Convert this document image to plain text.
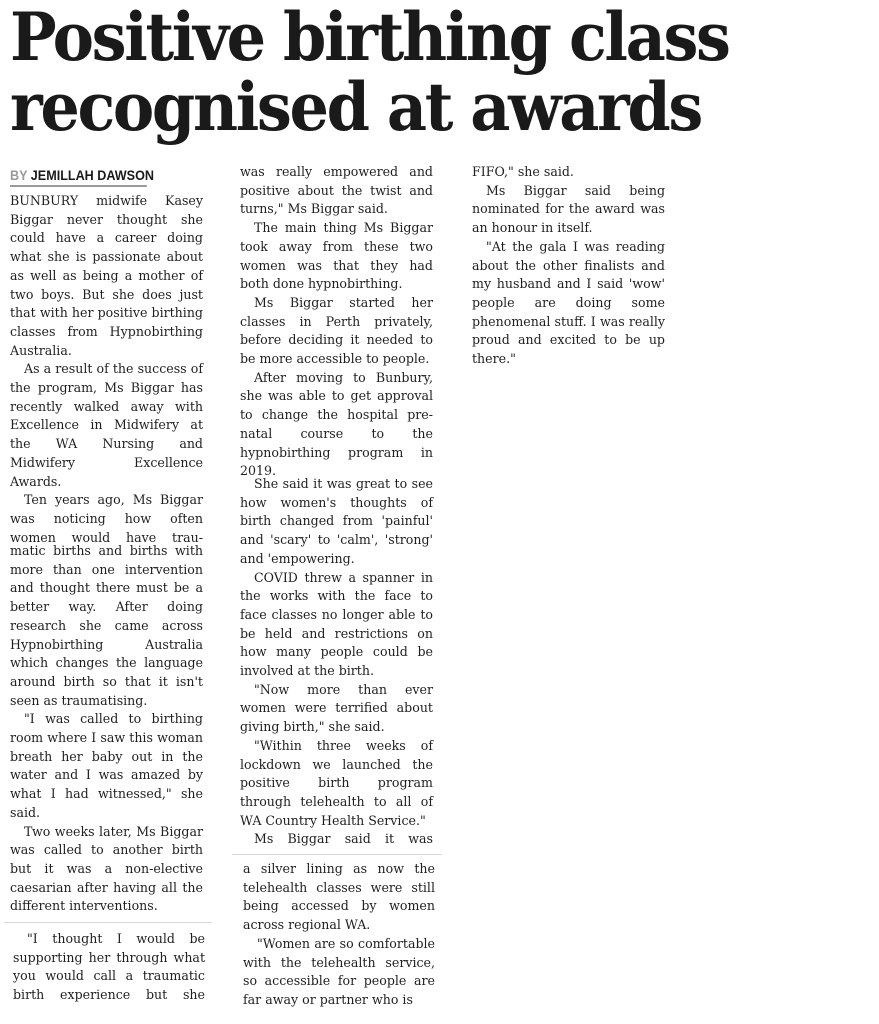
Positive birthing class
recognised at awards
BY JEMILLAH DAWSON

BUNBURY midwife Kasey Biggar never thought she could have a career doing what she is passionate about as well as being a mother of two boys. But she does just that with her positive birthing classes from Hypnobirthing Australia.

As a result of the success of the program, Ms Biggar has recently walked away with Excellence in Midwifery at the WA Nursing and Midwifery Excellence Awards.

Ten years ago, Ms Biggar was noticing how often women would have trau-

matic births and births with more than one intervention and thought there must be a better way. After doing research she came across Hypnobirthing Australia which changes the language around birth so that it isn't seen as traumatising.

"I was called to birthing room where I saw this woman breath her baby out in the water and I was amazed by what I had witnessed," she said.

Two weeks later, Ms Biggar was called to another birth but it was a non-elective caesarian after having all the different interventions.

"I thought I would be supporting her through what you would call a traumatic birth experience but she

was really empowered and positive about the twist and turns," Ms Biggar said.

The main thing Ms Biggar took away from these two women was that they had both done hypnobirthing.

Ms Biggar started her classes in Perth privately, before deciding it needed to be more accessible to people.

After moving to Bunbury, she was able to get approval to change the hospital pre-natal course to the hypnobirthing program in 2019.

She said it was great to see how women's thoughts of birth changed from 'painful' and 'scary' to 'calm', 'strong' and 'empowering.

COVID threw a spanner in the works with the face to face classes no longer able to be held and restrictions on how many people could be involved at the birth.

"Now more than ever women were terrified about giving birth," she said.

"Within three weeks of lockdown we launched the positive birth program through telehealth to all of WA Country Health Service."

Ms Biggar said it was

a silver lining as now the telehealth classes were still being accessed by women across regional WA.

"Women are so comfortable with the telehealth service, so accessible for people are far away or partner who is

FIFO," she said.

Ms Biggar said being nominated for the award was an honour in itself.

"At the gala I was reading about the other finalists and my husband and I said 'wow' people are doing some phenomenal stuff. I was really proud and excited to be up there."
